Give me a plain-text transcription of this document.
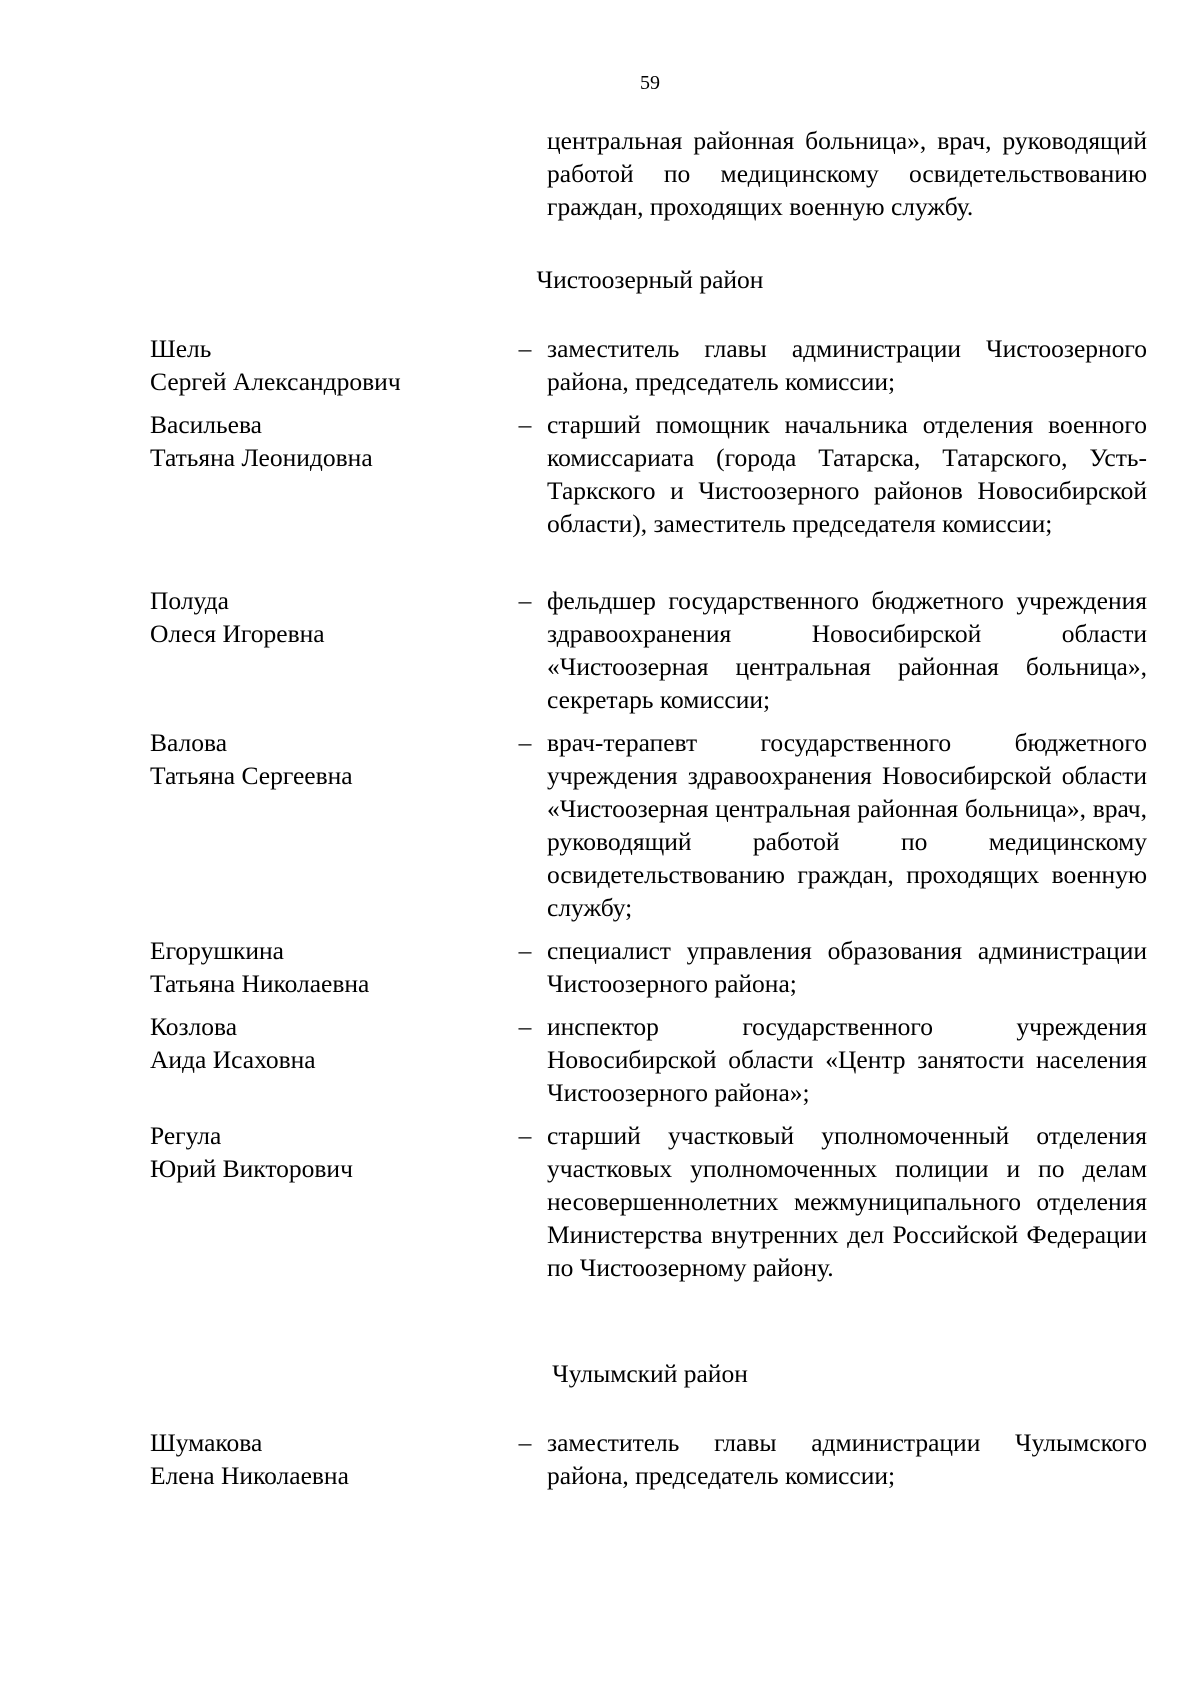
59
центральная районная больница», врач, руководящий работой по медицинскому освидетельствованию граждан, проходящих военную службу.
Чистоозерный район
Шель
Сергей Александрович
– заместитель главы администрации Чистоозерного района, председатель комиссии;
Васильева
Татьяна Леонидовна
– старший помощник начальника отделения военного комиссариата (города Татарска, Татарского, Усть-Таркского и Чистоозерного районов Новосибирской области), заместитель председателя комиссии;
Полуда
Олеся Игоревна
– фельдшер государственного бюджетного учреждения здравоохранения Новосибирской области «Чистоозерная центральная районная больница», секретарь комиссии;
Валова
Татьяна Сергеевна
– врач-терапевт государственного бюджетного учреждения здравоохранения Новосибирской области «Чистоозерная центральная районная больница», врач, руководящий работой по медицинскому освидетельствованию граждан, проходящих военную службу;
Егорушкина
Татьяна Николаевна
– специалист управления образования администрации Чистоозерного района;
Козлова
Аида Исаховна
– инспектор государственного учреждения Новосибирской области «Центр занятости населения Чистоозерного района»;
Регула
Юрий Викторович
– старший участковый уполномоченный отделения участковых уполномоченных полиции и по делам несовершеннолетних межмуниципального отделения Министерства внутренних дел Российской Федерации по Чистоозерному району.
Чулымский район
Шумакова
Елена Николаевна
– заместитель главы администрации Чулымского района, председатель комиссии;
